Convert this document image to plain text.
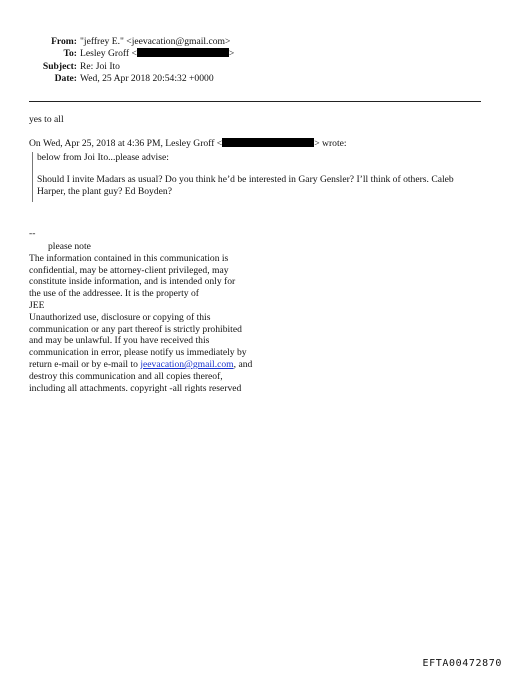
From: "jeffrey E." <jeevacation@gmail.com>
To: Lesley Groff <	>
Subject: Re: Joi Ito
Date: Wed, 25 Apr 2018 20:54:32 +0000
yes to all
On Wed, Apr 25, 2018 at 4:36 PM, Lesley Groff <	> wrote:
below from Joi Ito...please advise:
Should I invite Madars as usual? Do you think he’d be interested in Gary Gensler? I’ll think of others. Caleb
Harper, the plant guy? Ed Boyden?
--
please note
The information contained in this communication is
confidential, may be attorney-client privileged, may
constitute inside information, and is intended only for
the use of the addressee. It is the property of
JEE
Unauthorized use, disclosure or copying of this
communication or any part thereof is strictly prohibited
and may be unlawful. If you have received this
communication in error, please notify us immediately by
return e-mail or by e-mail to jeevacation@gmail.com, and
destroy this communication and all copies thereof,
including all attachments. copyright -all rights reserved
EFTA00472870
